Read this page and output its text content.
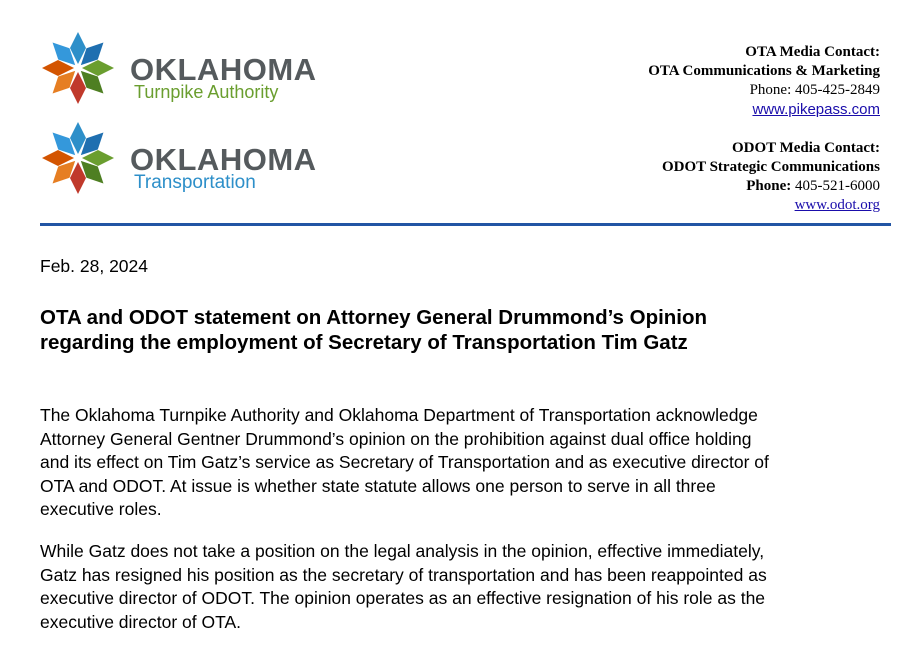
OKLAHOMA
Turnpike Authority
OKLAHOMA
Transportation
OTA Media Contact:
OTA Communications & Marketing
Phone: 405-425-2849
www.pikepass.com
ODOT Media Contact:
ODOT Strategic Communications
Phone: 405-521-6000
www.odot.org
Feb. 28, 2024
OTA and ODOT statement on Attorney General Drummond’s Opinion
regarding the employment of Secretary of Transportation Tim Gatz
The Oklahoma Turnpike Authority and Oklahoma Department of Transportation acknowledge
Attorney General Gentner Drummond’s opinion on the prohibition against dual office holding
and its effect on Tim Gatz’s service as Secretary of Transportation and as executive director of
OTA and ODOT. At issue is whether state statute allows one person to serve in all three
executive roles.
While Gatz does not take a position on the legal analysis in the opinion, effective immediately,
Gatz has resigned his position as the secretary of transportation and has been reappointed as
executive director of ODOT. The opinion operates as an effective resignation of his role as the
executive director of OTA.
